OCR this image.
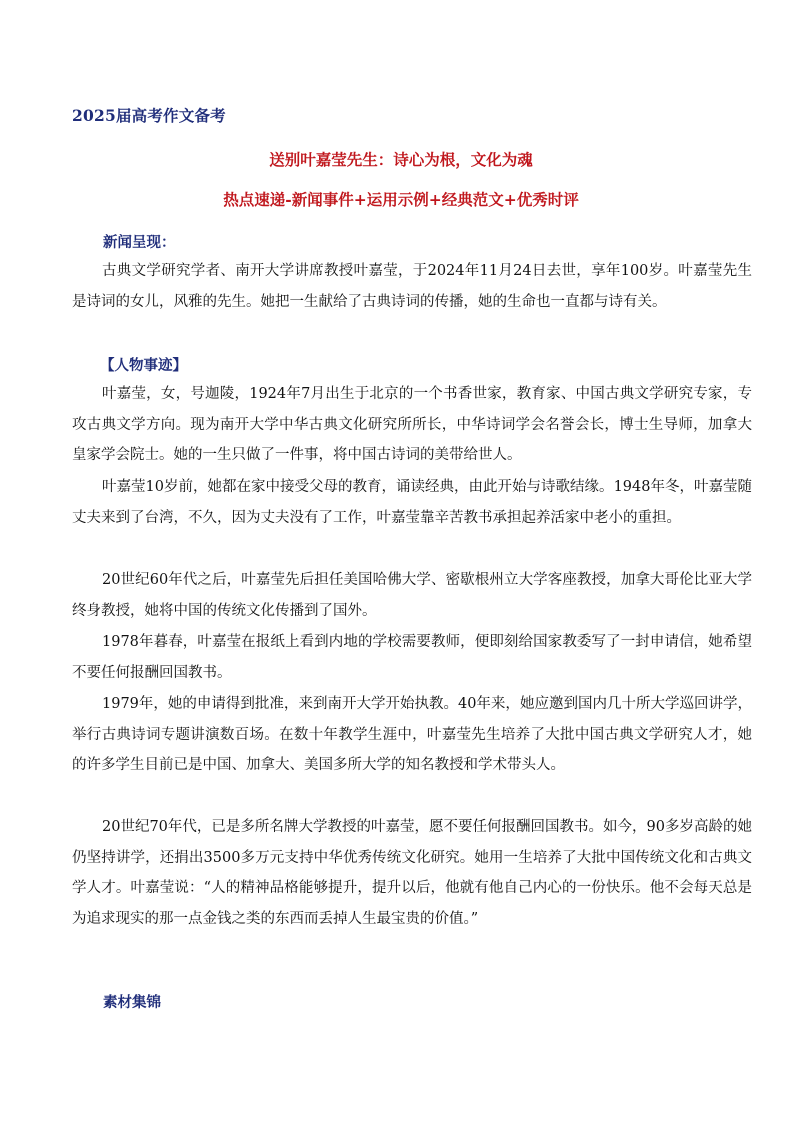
2025届高考作文备考
送别叶嘉莹先生：诗心为根，文化为魂
热点速递-新闻事件+运用示例+经典范文+优秀时评
新闻呈现：
古典文学研究学者、南开大学讲席教授叶嘉莹，于2024年11月24日去世，享年100岁。叶嘉莹先生是诗词的女儿，风雅的先生。她把一生献给了古典诗词的传播，她的生命也一直都与诗有关。
【人物事迹】
叶嘉莹，女，号迦陵，1924年7月出生于北京的一个书香世家，教育家、中国古典文学研究专家，专攻古典文学方向。现为南开大学中华古典文化研究所所长，中华诗词学会名誉会长，博士生导师，加拿大皇家学会院士。她的一生只做了一件事，将中国古诗词的美带给世人。
叶嘉莹10岁前，她都在家中接受父母的教育，诵读经典，由此开始与诗歌结缘。1948年冬，叶嘉莹随丈夫来到了台湾，不久，因为丈夫没有了工作，叶嘉莹靠辛苦教书承担起养活家中老小的重担。
20世纪60年代之后，叶嘉莹先后担任美国哈佛大学、密歇根州立大学客座教授，加拿大哥伦比亚大学终身教授，她将中国的传统文化传播到了国外。
1978年暮春，叶嘉莹在报纸上看到内地的学校需要教师，便即刻给国家教委写了一封申请信，她希望不要任何报酬回国教书。
1979年，她的申请得到批准，来到南开大学开始执教。40年来，她应邀到国内几十所大学巡回讲学，举行古典诗词专题讲演数百场。在数十年教学生涯中，叶嘉莹先生培养了大批中国古典文学研究人才，她的许多学生目前已是中国、加拿大、美国多所大学的知名教授和学术带头人。
20世纪70年代，已是多所名牌大学教授的叶嘉莹，愿不要任何报酬回国教书。如今，90多岁高龄的她仍坚持讲学，还捐出3500多万元支持中华优秀传统文化研究。她用一生培养了大批中国传统文化和古典文学人才。叶嘉莹说：“人的精神品格能够提升，提升以后，他就有他自己内心的一份快乐。他不会每天总是为追求现实的那一点金钱之类的东西而丢掉人生最宝贵的价值。”
素材集锦
